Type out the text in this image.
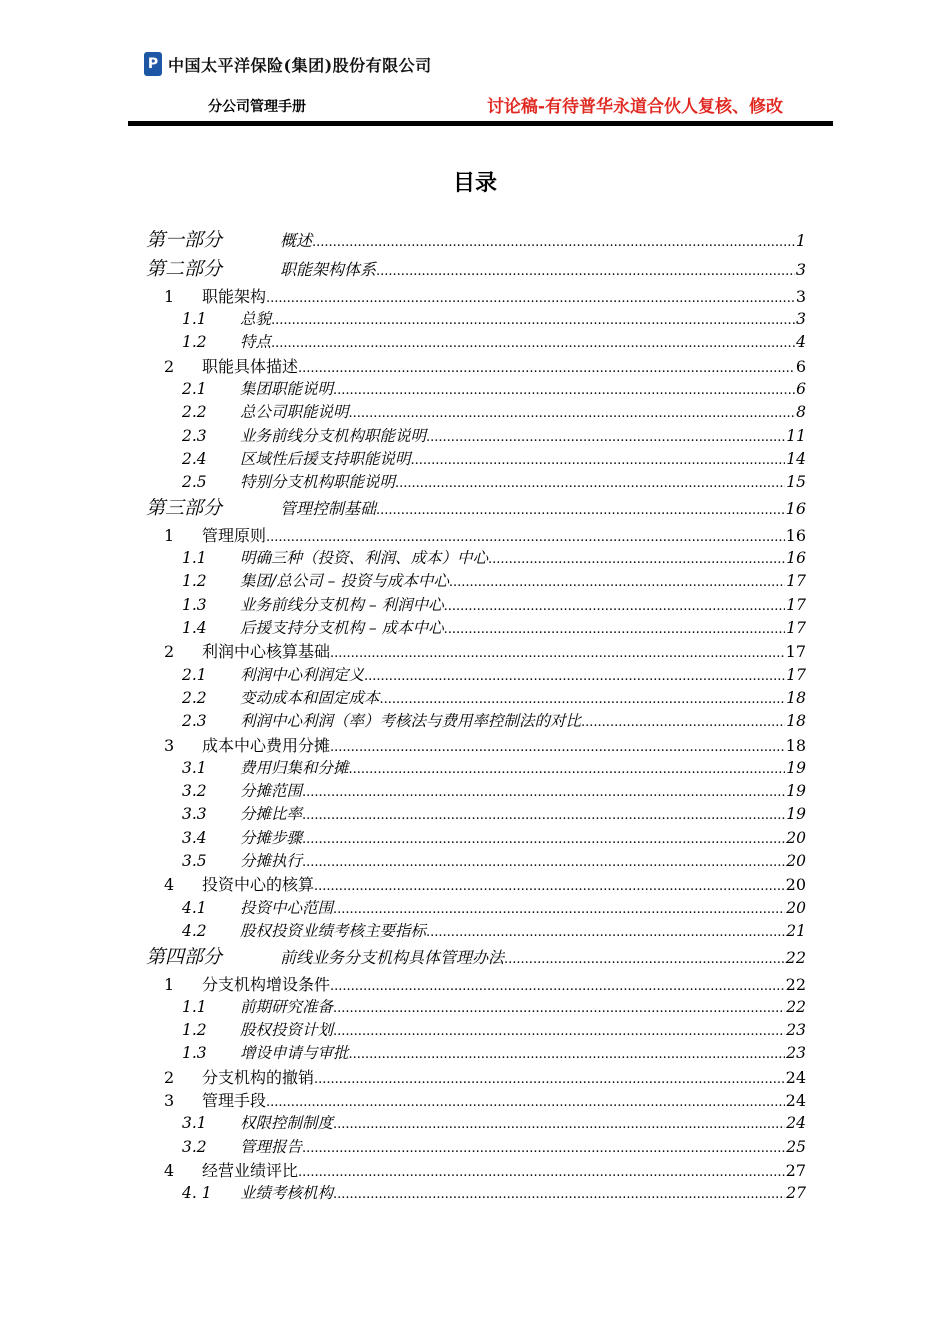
P 中国太平洋保险(集团)股份有限公司
分公司管理手册	讨论稿-有待普华永道合伙人复核、修改
目录
第一部分	概述 .....	1
第二部分	职能架构体系 .....	3
1	职能架构 .....	3
1.1	总貌 .....	3
1.2	特点 .....	4
2	职能具体描述 .....	6
2.1	集团职能说明 .....	6
2.2	总公司职能说明 .....	8
2.3	业务前线分支机构职能说明 .....	11
2.4	区域性后援支持职能说明 .....	14
2.5	特别分支机构职能说明 .....	15
第三部分	管理控制基础 .....	16
1	管理原则 .....	16
1.1	明确三种（投资、利润、成本）中心 .....	16
1.2	集团/总公司 – 投资与成本中心 .....	17
1.3	业务前线分支机构 – 利润中心 .....	17
1.4	后援支持分支机构 – 成本中心 .....	17
2	利润中心核算基础 .....	17
2.1	利润中心利润定义 .....	17
2.2	变动成本和固定成本 .....	18
2.3	利润中心利润（率）考核法与费用率控制法的对比 .....	18
3	成本中心费用分摊 .....	18
3.1	费用归集和分摊 .....	19
3.2	分摊范围 .....	19
3.3	分摊比率 .....	19
3.4	分摊步骤 .....	20
3.5	分摊执行 .....	20
4	投资中心的核算 .....	20
4.1	投资中心范围 .....	20
4.2	股权投资业绩考核主要指标 .....	21
第四部分	前线业务分支机构具体管理办法 .....	22
1	分支机构增设条件 .....	22
1.1	前期研究准备 .....	22
1.2	股权投资计划 .....	23
1.3	增设申请与审批 .....	23
2	分支机构的撤销 .....	24
3	管理手段 .....	24
3.1	权限控制制度 .....	24
3.2	管理报告 .....	25
4	经营业绩评比 .....	27
4. 1	业绩考核机构 .....	27
